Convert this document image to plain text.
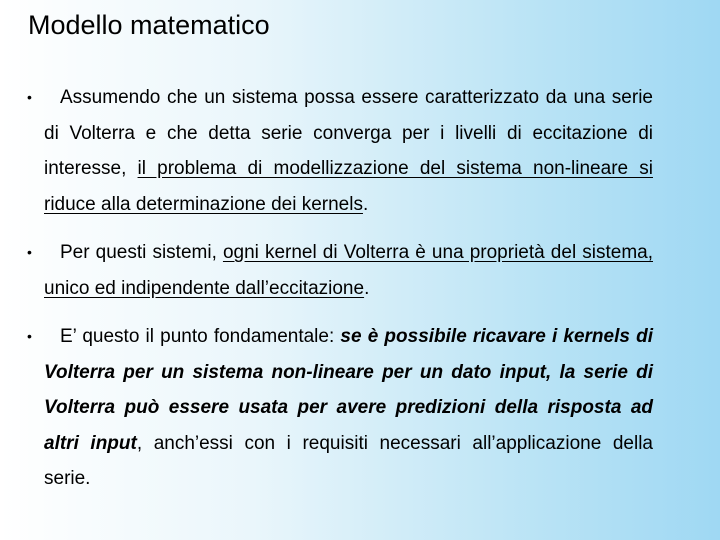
Modello matematico
• Assumendo che un sistema possa essere caratterizzato da una serie di Volterra e che detta serie converga per i livelli di eccitazione di interesse, il problema di modellizzazione del sistema non-lineare si riduce alla determinazione dei kernels.
• Per questi sistemi, ogni kernel di Volterra è una proprietà del sistema, unico ed indipendente dall’eccitazione.
• E’ questo il punto fondamentale: se è possibile ricavare i kernels di Volterra per un sistema non-lineare per un dato input, la serie di Volterra può essere usata per avere predizioni della risposta ad altri input, anch’essi con i requisiti necessari all’applicazione della serie.
